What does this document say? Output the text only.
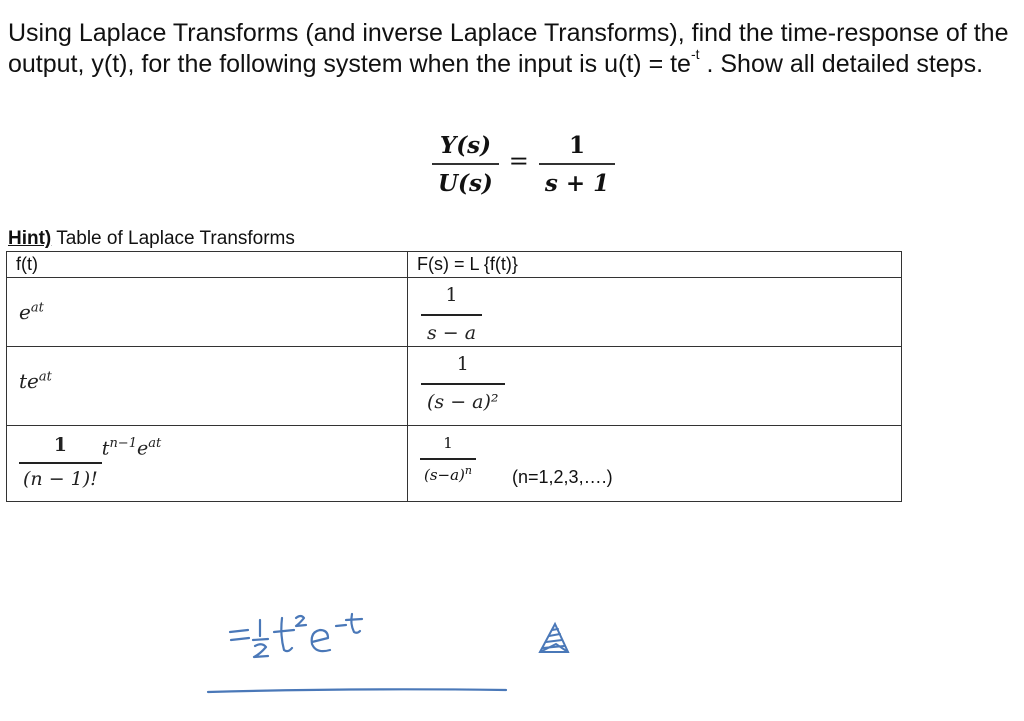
Using Laplace Transforms (and inverse Laplace Transforms), find the time-response of the output, y(t), for the following system when the input is $u(t) = te^{-t}$ . Show all detailed steps.

$\frac{Y(s)}{U(s)} = \frac{1}{s + 1}$
Hint) Table of Laplace Transforms
f(t)	F(s) = L {f(t)}

$e^{at}$	$\frac{1}{s - a}$

$te^{at}$	$\frac{1}{\text{(s − a)²}}$

$\frac{1}{(n - 1)!} t^{n-1}e^{at}$	$\frac{1}{(s-a)^n}$ (n=1,2,3,….)
